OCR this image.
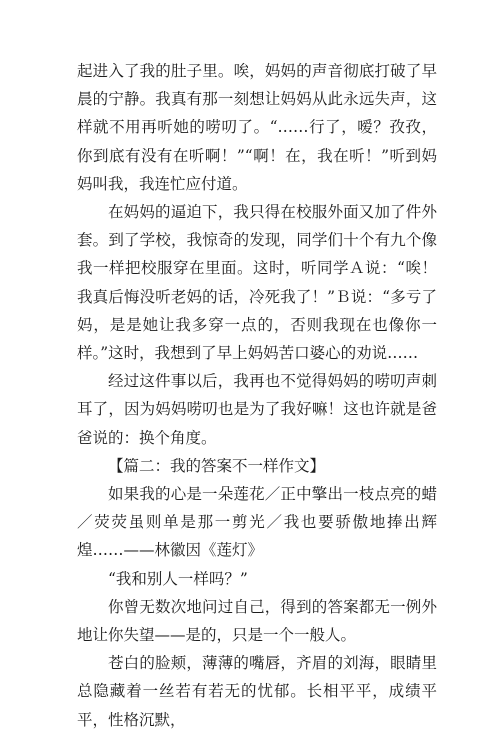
起进入了我的肚子里。唉，妈妈的声音彻底打破了早晨的宁静。我真有那一刻想让妈妈从此永远失声，这样就不用再听她的唠叨了。“……行了，嗳？孜孜，你到底有没有在听啊！”“啊！在，我在听！”听到妈妈叫我，我连忙应付道。

在妈妈的逼迫下，我只得在校服外面又加了件外套。到了学校，我惊奇的发现，同学们十个有九个像我一样把校服穿在里面。这时，听同学Ａ说：“唉！我真后悔没听老妈的话，冷死我了！”Ｂ说：“多亏了妈，是是她让我多穿一点的，否则我现在也像你一样。”这时，我想到了早上妈妈苦口婆心的劝说……

经过这件事以后，我再也不觉得妈妈的唠叨声刺耳了，因为妈妈唠叨也是为了我好嘛！这也许就是爸爸说的：换个角度。

【篇二：我的答案不一样作文】

如果我的心是一朵莲花／正中擎出一枝点亮的蜡／荧荧虽则单是那一剪光／我也要骄傲地捧出辉煌……——林徽因《莲灯》

“我和别人一样吗？”

你曾无数次地问过自己，得到的答案都无一例外地让你失望——是的，只是一个一般人。

苍白的脸颊，薄薄的嘴唇，齐眉的刘海，眼睛里总隐藏着一丝若有若无的忧郁。长相平平，成绩平平，性格沉默，
